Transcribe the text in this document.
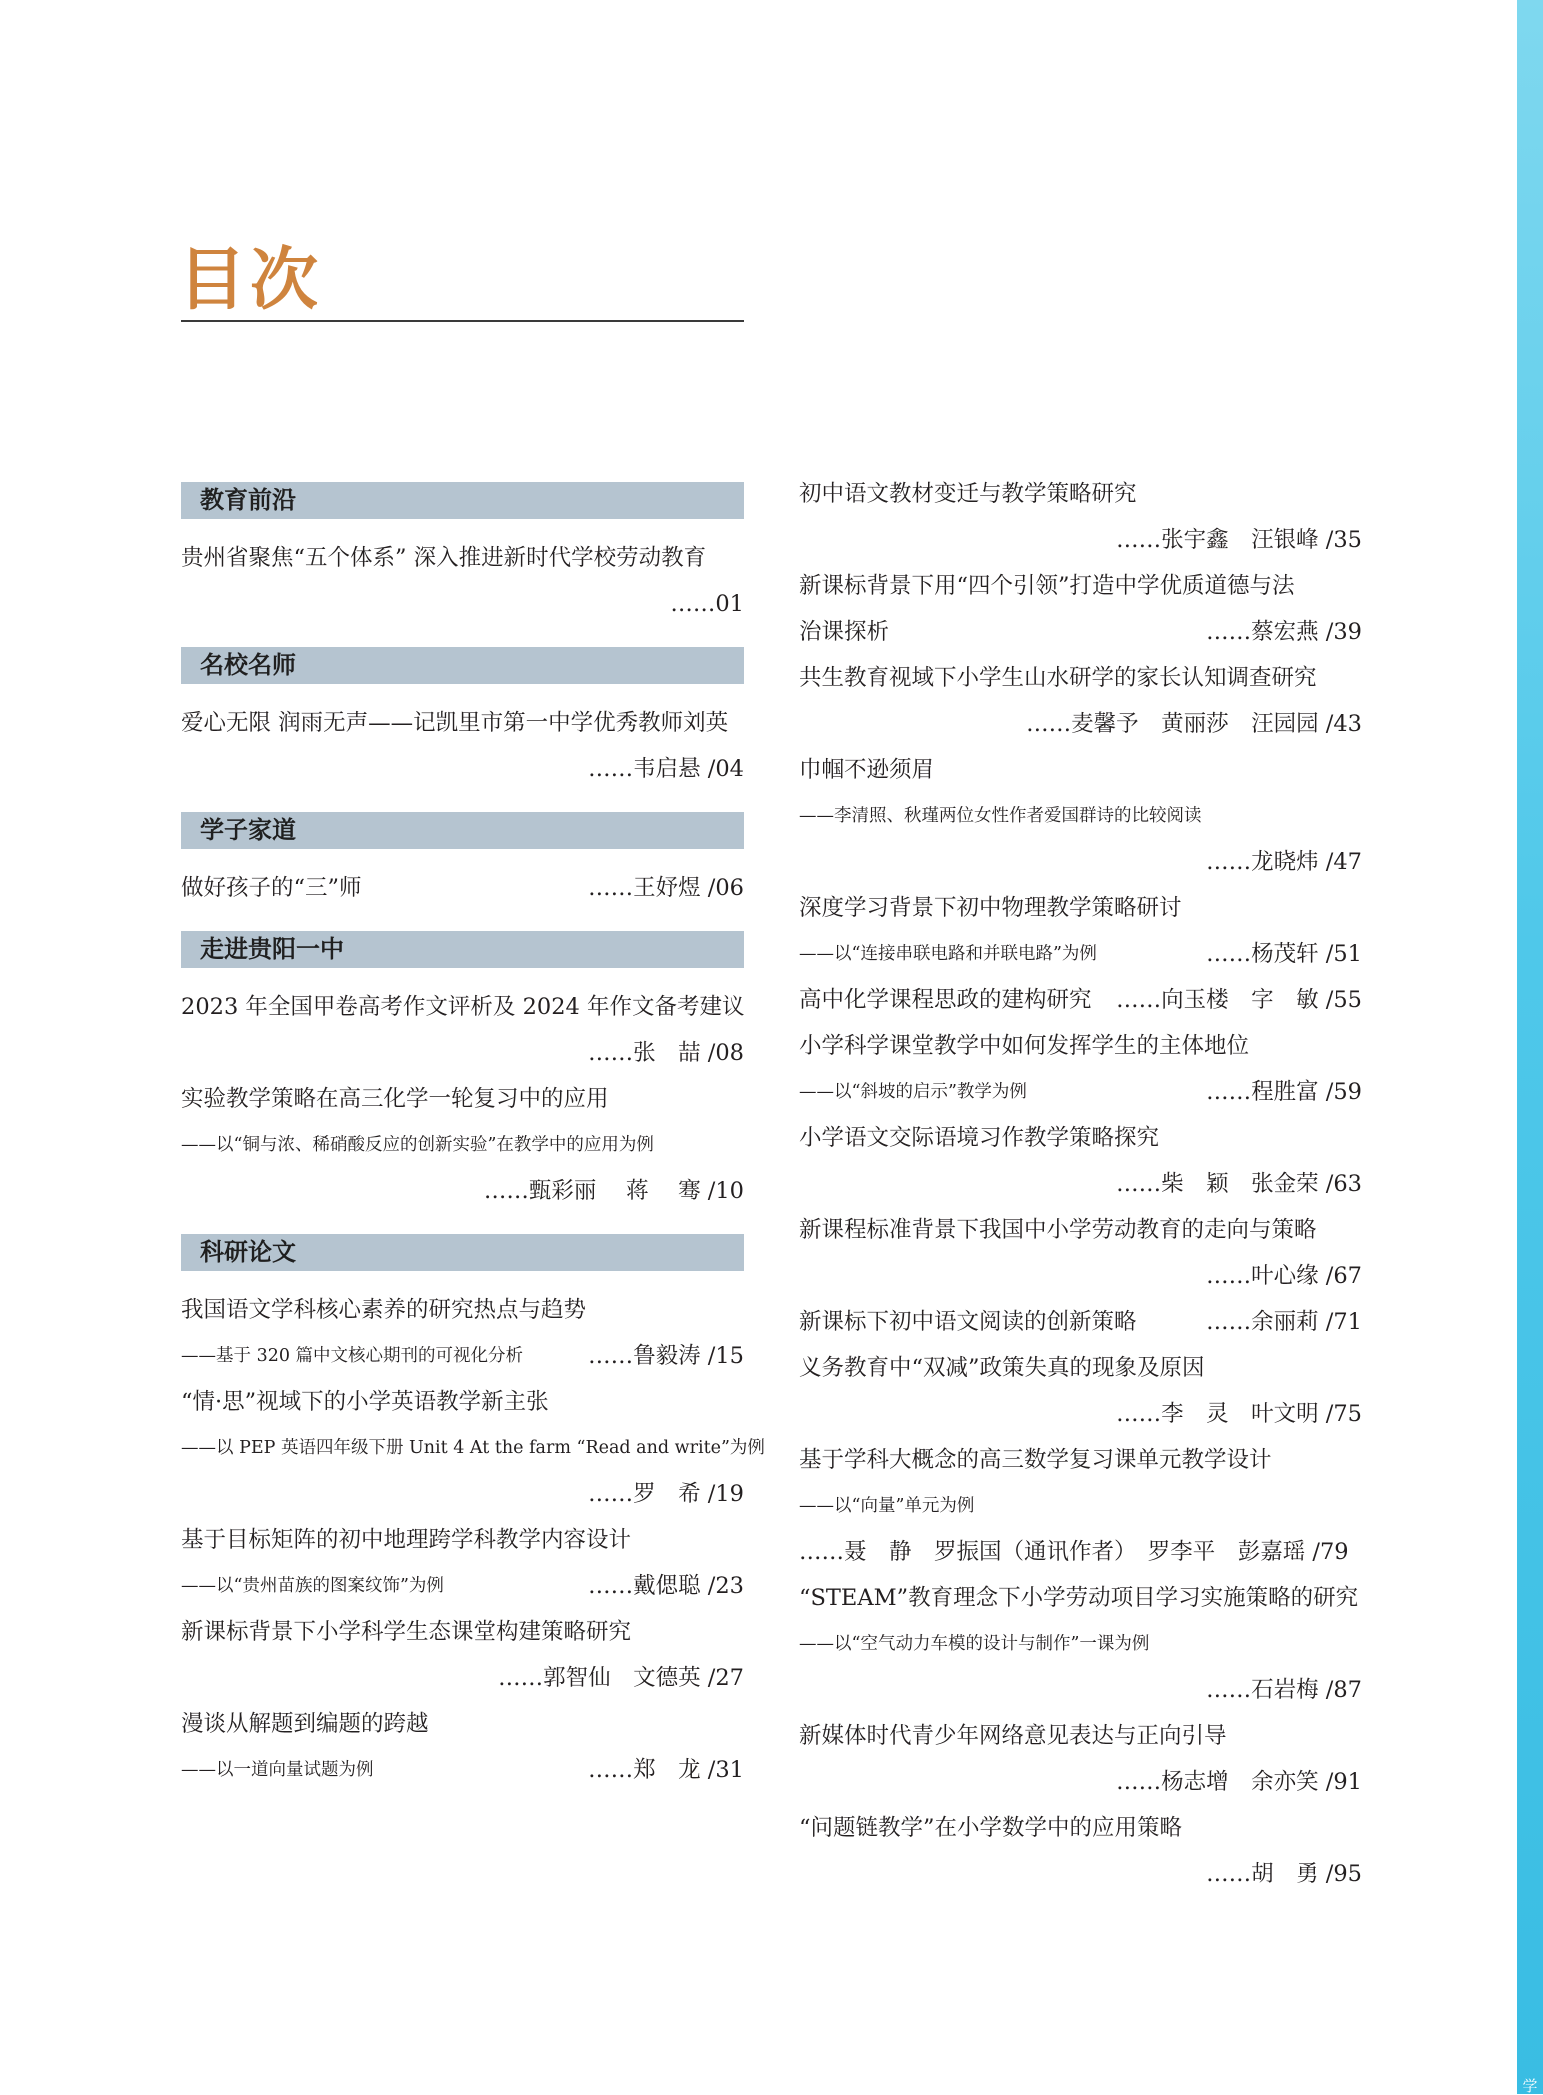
学
目次
教育前沿
贵州省聚焦“五个体系” 深入推进新时代学校劳动教育
……01
名校名师
爱心无限 润雨无声——记凯里市第一中学优秀教师刘英
……韦启悬 /04
学子家道
做好孩子的“三”师	……王妤煜 /06
走进贵阳一中
2023 年全国甲卷高考作文评析及 2024 年作文备考建议
……张　喆 /08
实验教学策略在高三化学一轮复习中的应用
——以“铜与浓、稀硝酸反应的创新实验”在教学中的应用为例
……甄彩丽　 蒋　 骞 /10
科研论文
我国语文学科核心素养的研究热点与趋势
——基于 320 篇中文核心期刊的可视化分析	……鲁毅涛 /15
“情·思”视域下的小学英语教学新主张
——以 PEP 英语四年级下册 Unit 4 At the farm “Read and write”为例
……罗　希 /19
基于目标矩阵的初中地理跨学科教学内容设计
——以“贵州苗族的图案纹饰”为例	……戴偲聪 /23
新课标背景下小学科学生态课堂构建策略研究
……郭智仙　文德英 /27
漫谈从解题到编题的跨越
——以一道向量试题为例	……郑　龙 /31
初中语文教材变迁与教学策略研究
……张宇鑫　汪银峰 /35
新课标背景下用“四个引领”打造中学优质道德与法
治课探析	……蔡宏燕 /39
共生教育视域下小学生山水研学的家长认知调查研究
……麦馨予　黄丽莎　汪园园 /43
巾帼不逊须眉
——李清照、秋瑾两位女性作者爱国群诗的比较阅读
……龙晓炜 /47
深度学习背景下初中物理教学策略研讨
——以“连接串联电路和并联电路”为例	……杨茂轩 /51
高中化学课程思政的建构研究 ……向玉楼　字　敏 /55
小学科学课堂教学中如何发挥学生的主体地位
——以“斜坡的启示”教学为例	……程胜富 /59
小学语文交际语境习作教学策略探究
……柴　颖　张金荣 /63
新课程标准背景下我国中小学劳动教育的走向与策略
……叶心缘 /67
新课标下初中语文阅读的创新策略	……余丽莉 /71
义务教育中“双减”政策失真的现象及原因
……李　灵　叶文明 /75
基于学科大概念的高三数学复习课单元教学设计
——以“向量”单元为例
……聂　静　罗振国（通讯作者）　罗李平　彭嘉瑶 /79
“STEAM”教育理念下小学劳动项目学习实施策略的研究
——以“空气动力车模的设计与制作”一课为例
……石岩梅 /87
新媒体时代青少年网络意见表达与正向引导
……杨志增　余亦笑 /91
“问题链教学”在小学数学中的应用策略
……胡　勇 /95
